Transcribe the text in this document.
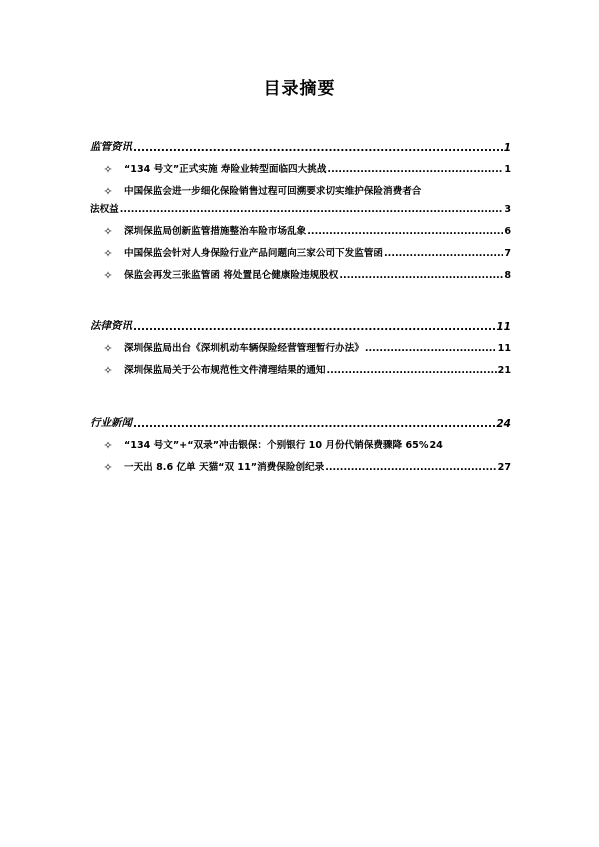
目录摘要
监管资讯 .....	1
✧	“134 号文”正式实施 寿险业转型面临四大挑战 .....	1
✧	中国保监会进一步细化保险销售过程可回溯要求切实维护保险消费者合
法权益 .....	3
✧	深圳保监局创新监管措施整治车险市场乱象 .....	6
✧	中国保监会针对人身保险行业产品问题向三家公司下发监管函 .....	7
✧	保监会再发三张监管函 将处置昆仑健康险违规股权 .....	8
法律资讯 .....	11
✧	深圳保监局出台《深圳机动车辆保险经营管理暂行办法》 .....	11
✧	深圳保监局关于公布规范性文件清理结果的通知 .....	21
行业新闻 .....	24
✧	“134 号文”+“双录”冲击银保：个别银行 10 月份代销保费骤降 65% 24
✧	一天出 8.6 亿单 天猫“双 11”消费保险创纪录 .....	27
